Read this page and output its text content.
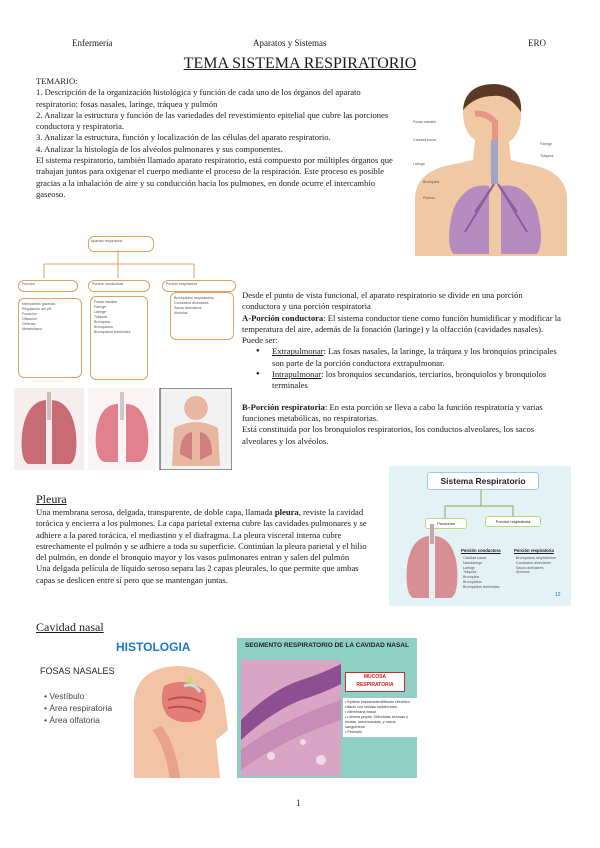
Enfermería	Aparatos y Sistemas	ERO
TEMA SISTEMA RESPIRATORIO

TEMARIO:

1. Descripción de la organización histológica y función de cada uno de los órganos del aparato respiratorio: fosas nasales, laringe, tráquea y pulmón

2. Analizar la estructura y función de las variedades del revestimiento epitelial que cubre las porciones conductora y respiratoria.

3. Analizar la estructura, función y localización de las células del aparato respiratorio.

4. Analizar la histología de los alvéolos pulmonares y sus componentes.

El sistema respiratorio, también llamado aparato respiratorio, está compuesto por múltiples órganos que trabajan juntos para oxigenar el cuerpo mediante el proceso de la respiración. Este proceso es posible gracias a la inhalación de aire y su conducción hacia los pulmones, en donde ocurre el intercambio gaseoso.

Fosas nasales
Cavidad bucal
Laringe
Bronquios
Pulmón
Faringe
Tráquea
Aparato respiratorio
Función	Porción conductora	Porción respiratoria
Intercambio gaseoso
Regulación del pH
Fonación
Olfacción
Defensa
Metabolismo
Fosas nasales
Faringe
Laringe
Tráquea
Bronquios
Bronquiolos
Bronquiolos terminales
Bronquiolos respiratorios
Conductos alveolares
Sacos alveolares
Alvéolos

Desde el punto de vista funcional, el aparato respiratorio se divide en una porción conductora y una porción respiratoria

A-Porción conductora: El sistema conductor tiene como función humidificar y modificar la temperatura del aire, además de la fonación (laringe) y la olfacción (cavidades nasales). Puede ser:

● Extrapulmonar: Las fosas nasales, la laringe, la tráquea y los bronquios principales son parte de la porción conductora extrapulmonar.
● Intrapulmonar: los bronquios secundarios, terciarios, bronquiolos y bronquiolos terminales

B-Porción respiratoria: En esta porción se lleva a cabo la función respiratoria y varias funciones metabólicas, no respiratorias.

Está constituida por los bronquiolos respiratorios, los conductos alveolares, los sacos alveolares y los alvéolos.

Sistema Respiratorio
Porciones	Porción respiratoria
Porción conductora	Porción respiratoria
Cavidad nasal
Nasofaringe
Laringe
Tráquea
Bronquios
Bronquiolos
Bronquiolos terminales
Bronquiolos respiratorios
Conductos alveolares
Sacos alveolares
Alvéolos
12
Pleura

Una membrana serosa, delgada, transparente, de doble capa, llamada pleura, reviste la cavidad torácica y encierra a los pulmones. La capa parietal externa cubre las cavidades pulmonares y se adhiere a la pared torácica, el mediastino y el diafragma. La pleura visceral interna cubre estrechamente el pulmón y se adhiere a toda su superficie. Continúan la pleura parietal y el hilio del pulmón, en donde el bronquio mayor y los vasos pulmonares entran y salen del pulmón

Una delgada película de líquido seroso separa las 2 capas pleurales, lo que permite que ambas capas se deslicen entre sí pero que se mantengan juntas.

Cavidad nasal
HISTOLOGIA
FOSAS NASALES
• Vestíbulo
• Área respiratoria
• Área olfatoria
SEGMENTO RESPIRATORIO DE LA CAVIDAD NASAL
MUCOSA RESPIRATORIA
• Epitelio pseudoestratificado cilíndrico ciliado con células caliciformes
• Membrana basal
• Lámina propia: Glándulas serosas y mixtas, seromucosas, y vasos sanguíneos
• Periostio
1
